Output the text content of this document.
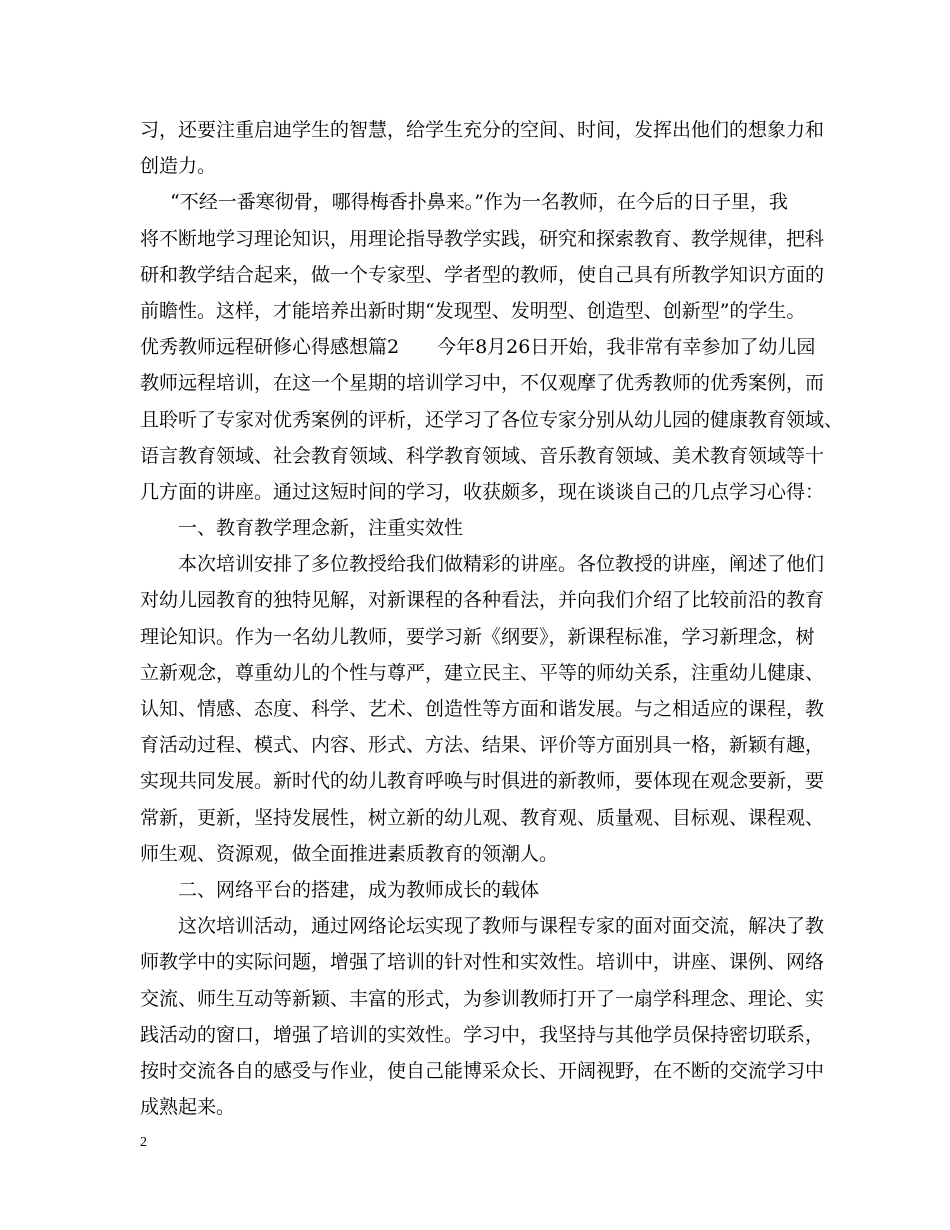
习，还要注重启迪学生的智慧，给学生充分的空间、时间，发挥出他们的想象力和
创造力。
“不经一番寒彻骨，哪得梅香扑鼻来。”作为一名教师，在今后的日子里，我
将不断地学习理论知识，用理论指导教学实践，研究和探索教育、教学规律，把科
研和教学结合起来，做一个专家型、学者型的教师，使自己具有所教学知识方面的
前瞻性。这样，才能培养出新时期“发现型、发明型、创造型、创新型”的学生。
优秀教师远程研修心得感想篇2　　今年8月26日开始，我非常有幸参加了幼儿园
教师远程培训，在这一个星期的培训学习中，不仅观摩了优秀教师的优秀案例，而
且聆听了专家对优秀案例的评析，还学习了各位专家分别从幼儿园的健康教育领域、
语言教育领域、社会教育领域、科学教育领域、音乐教育领域、美术教育领域等十
几方面的讲座。通过这短时间的学习，收获颇多，现在谈谈自己的几点学习心得：
一、教育教学理念新，注重实效性
本次培训安排了多位教授给我们做精彩的讲座。各位教授的讲座，阐述了他们
对幼儿园教育的独特见解，对新课程的各种看法，并向我们介绍了比较前沿的教育
理论知识。作为一名幼儿教师，要学习新《纲要》，新课程标准，学习新理念，树
立新观念，尊重幼儿的个性与尊严，建立民主、平等的师幼关系，注重幼儿健康、
认知、情感、态度、科学、艺术、创造性等方面和谐发展。与之相适应的课程，教
育活动过程、模式、内容、形式、方法、结果、评价等方面别具一格，新颖有趣，
实现共同发展。新时代的幼儿教育呼唤与时俱进的新教师，要体现在观念要新，要
常新，更新，坚持发展性，树立新的幼儿观、教育观、质量观、目标观、课程观、
师生观、资源观，做全面推进素质教育的领潮人。
二、网络平台的搭建，成为教师成长的载体
这次培训活动，通过网络论坛实现了教师与课程专家的面对面交流，解决了教
师教学中的实际问题，增强了培训的针对性和实效性。培训中，讲座、课例、网络
交流、师生互动等新颖、丰富的形式，为参训教师打开了一扇学科理念、理论、实
践活动的窗口，增强了培训的实效性。学习中，我坚持与其他学员保持密切联系，
按时交流各自的感受与作业，使自己能博采众长、开阔视野，在不断的交流学习中
成熟起来。
2
